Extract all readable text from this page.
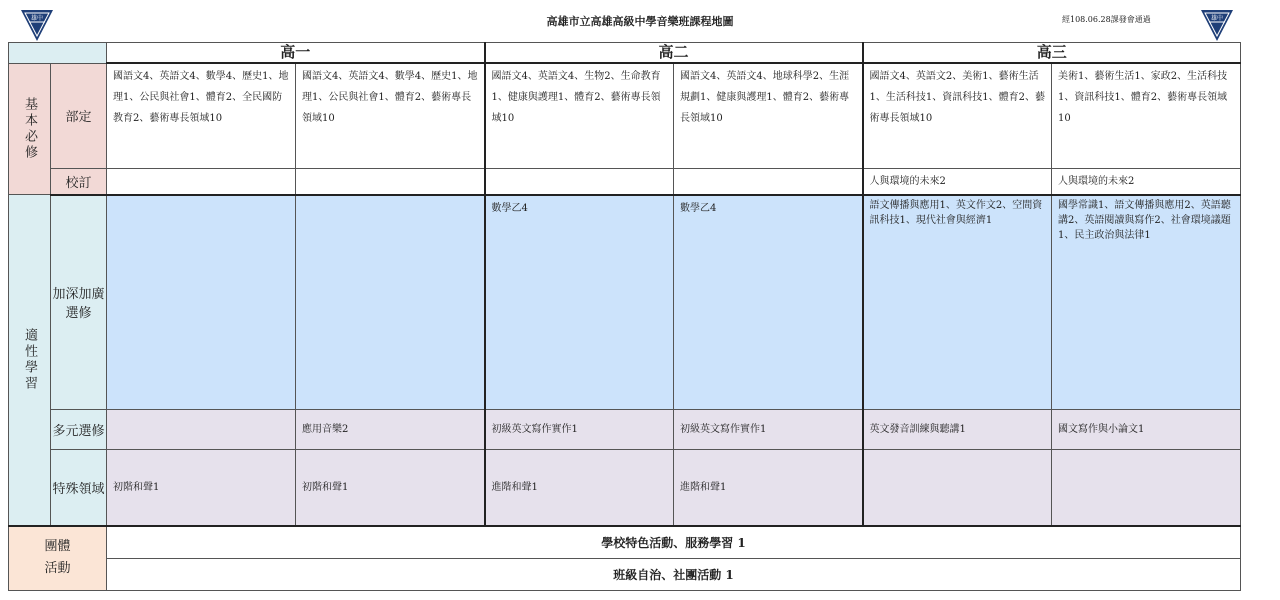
雄中	高雄市立高雄高級中學音樂班課程地圖	經108.06.28課發會通過	雄中
		高一		高二		高三	
基本必修	部定	國語文4、英語文4、數學4、歷史1、地理1、公民與社會1、體育2、全民國防教育2、藝術專長領域10	國語文4、英語文4、數學4、歷史1、地理1、公民與社會1、體育2、藝術專長領域10	國語文4、英語文4、生物2、生命教育1、健康與護理1、體育2、藝術專長領域10	國語文4、英語文4、地球科學2、生涯規劃1、健康與護理1、體育2、藝術專長領域10	國語文4、英語文2、美術1、藝術生活1、生活科技1、資訊科技1、體育2、藝術專長領域10	美術1、藝術生活1、家政2、生活科技1、資訊科技1、體育2、藝術專長領域10
	校訂					人與環境的未來2	人與環境的未來2
適性學習	加深加廣選修			數學乙4	數學乙4	語文傳播與應用1、英文作文2、空間資訊科技1、現代社會與經濟1	國學常識1、語文傳播與應用2、英語聽講2、英語閱讀與寫作2、社會環境議題1、民主政治與法律1
	多元選修		應用音樂2	初級英文寫作實作1	初級英文寫作實作1	英文發音訓練與聽講1	國文寫作與小論文1
	特殊領域	初階和聲1	初階和聲1	進階和聲1	進階和聲1		
團體活動		學校特色活動、服務學習 1					
		班級自治、社團活動 1					
